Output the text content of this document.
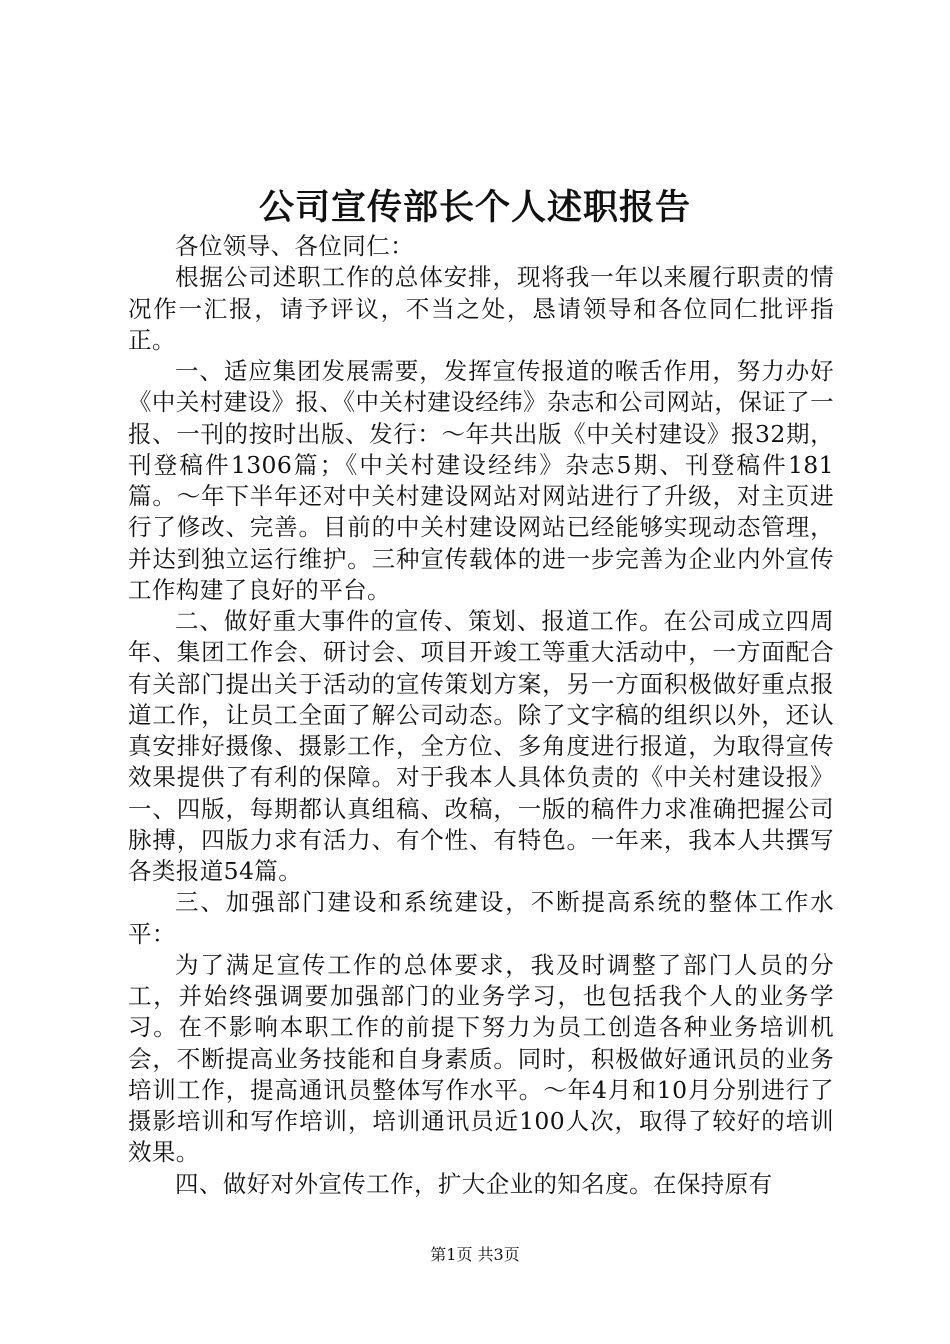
公司宣传部长个人述职报告

各位领导、各位同仁：

根据公司述职工作的总体安排，现将我一年以来履行职责的情况作一汇报，请予评议，不当之处，恳请领导和各位同仁批评指正。

一、适应集团发展需要，发挥宣传报道的喉舌作用，努力办好《中关村建设》报、《中关村建设经纬》杂志和公司网站，保证了一报、一刊的按时出版、发行：～年共出版《中关村建设》报32期，刊登稿件1306篇；《中关村建设经纬》杂志5期、刊登稿件181篇。～年下半年还对中关村建设网站对网站进行了升级，对主页进行了修改、完善。目前的中关村建设网站已经能够实现动态管理，并达到独立运行维护。三种宣传载体的进一步完善为企业内外宣传工作构建了良好的平台。

二、做好重大事件的宣传、策划、报道工作。在公司成立四周年、集团工作会、研讨会、项目开竣工等重大活动中，一方面配合有关部门提出关于活动的宣传策划方案，另一方面积极做好重点报道工作，让员工全面了解公司动态。除了文字稿的组织以外，还认真安排好摄像、摄影工作，全方位、多角度进行报道，为取得宣传效果提供了有利的保障。对于我本人具体负责的《中关村建设报》一、四版，每期都认真组稿、改稿，一版的稿件力求准确把握公司脉搏，四版力求有活力、有个性、有特色。一年来，我本人共撰写各类报道54篇。

三、加强部门建设和系统建设，不断提高系统的整体工作水平：

为了满足宣传工作的总体要求，我及时调整了部门人员的分工，并始终强调要加强部门的业务学习，也包括我个人的业务学习。在不影响本职工作的前提下努力为员工创造各种业务培训机会，不断提高业务技能和自身素质。同时，积极做好通讯员的业务培训工作，提高通讯员整体写作水平。～年4月和10月分别进行了摄影培训和写作培训，培训通讯员近100人次，取得了较好的培训效果。

四、做好对外宣传工作，扩大企业的知名度。在保持原有

第1页 共3页
